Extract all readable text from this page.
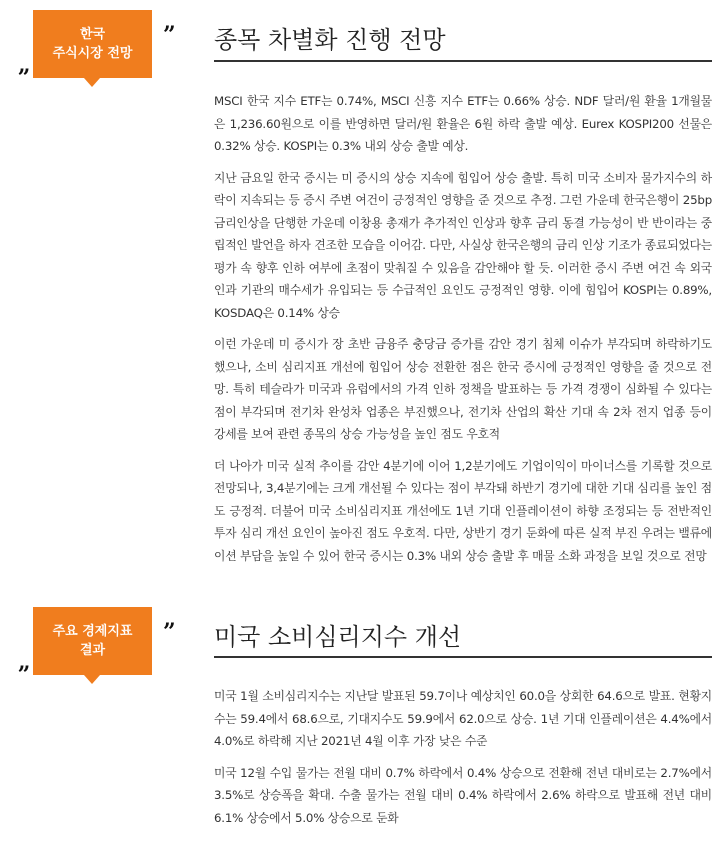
„
한국
주식시장 전망
” 종목 차별화 진행 전망

MSCI 한국 지수 ETF는 0.74%, MSCI 신흥 지수 ETF는 0.66% 상승. NDF 달러/원 환율 1개월물은 1,236.60원으로 이를 반영하면 달러/원 환율은 6원 하락 출발 예상. Eurex KOSPI200 선물은 0.32% 상승. KOSPI는 0.3% 내외 상승 출발 예상.

지난 금요일 한국 증시는 미 증시의 상승 지속에 힘입어 상승 출발. 특히 미국 소비자 물가지수의 하락이 지속되는 등 증시 주변 여건이 긍정적인 영향을 준 것으로 추정. 그런 가운데 한국은행이 25bp 금리인상을 단행한 가운데 이창용 총재가 추가적인 인상과 향후 금리 동결 가능성이 반 반이라는 중립적인 발언을 하자 견조한 모습을 이어감. 다만, 사실상 한국은행의 금리 인상 기조가 종료되었다는 평가 속 향후 인하 여부에 초점이 맞춰질 수 있음을 감안해야 할 듯. 이러한 증시 주변 여건 속 외국인과 기관의 매수세가 유입되는 등 수급적인 요인도 긍정적인 영향. 이에 힘입어 KOSPI는 0.89%, KOSDAQ은 0.14% 상승

이런 가운데 미 증시가 장 초반 금융주 충당금 증가를 감안 경기 침체 이슈가 부각되며 하락하기도 했으나, 소비 심리지표 개선에 힘입어 상승 전환한 점은 한국 증시에 긍정적인 영향을 줄 것으로 전망. 특히 테슬라가 미국과 유럽에서의 가격 인하 정책을 발표하는 등 가격 경쟁이 심화될 수 있다는 점이 부각되며 전기차 완성차 업종은 부진했으나, 전기차 산업의 확산 기대 속 2차 전지 업종 등이 강세를 보여 관련 종목의 상승 가능성을 높인 점도 우호적

더 나아가 미국 실적 추이를 감안 4분기에 이어 1,2분기에도 기업이익이 마이너스를 기록할 것으로 전망되나, 3,4분기에는 크게 개선될 수 있다는 점이 부각돼 하반기 경기에 대한 기대 심리를 높인 점도 긍정적. 더불어 미국 소비심리지표 개선에도 1년 기대 인플레이션이 하향 조정되는 등 전반적인 투자 심리 개선 요인이 높아진 점도 우호적. 다만, 상반기 경기 둔화에 따른 실적 부진 우려는 밸류에이션 부담을 높일 수 있어 한국 증시는 0.3% 내외 상승 출발 후 매물 소화 과정을 보일 것으로 전망

„
주요 경제지표
결과
” 미국 소비심리지수 개선

미국 1월 소비심리지수는 지난달 발표된 59.7이나 예상치인 60.0을 상회한 64.6으로 발표. 현황지수는 59.4에서 68.6으로, 기대지수도 59.9에서 62.0으로 상승. 1년 기대 인플레이션은 4.4%에서 4.0%로 하락해 지난 2021년 4월 이후 가장 낮은 수준

미국 12월 수입 물가는 전월 대비 0.7% 하락에서 0.4% 상승으로 전환해 전년 대비로는 2.7%에서 3.5%로 상승폭을 확대. 수출 물가는 전월 대비 0.4% 하락에서 2.6% 하락으로 발표해 전년 대비 6.1% 상승에서 5.0% 상승으로 둔화
